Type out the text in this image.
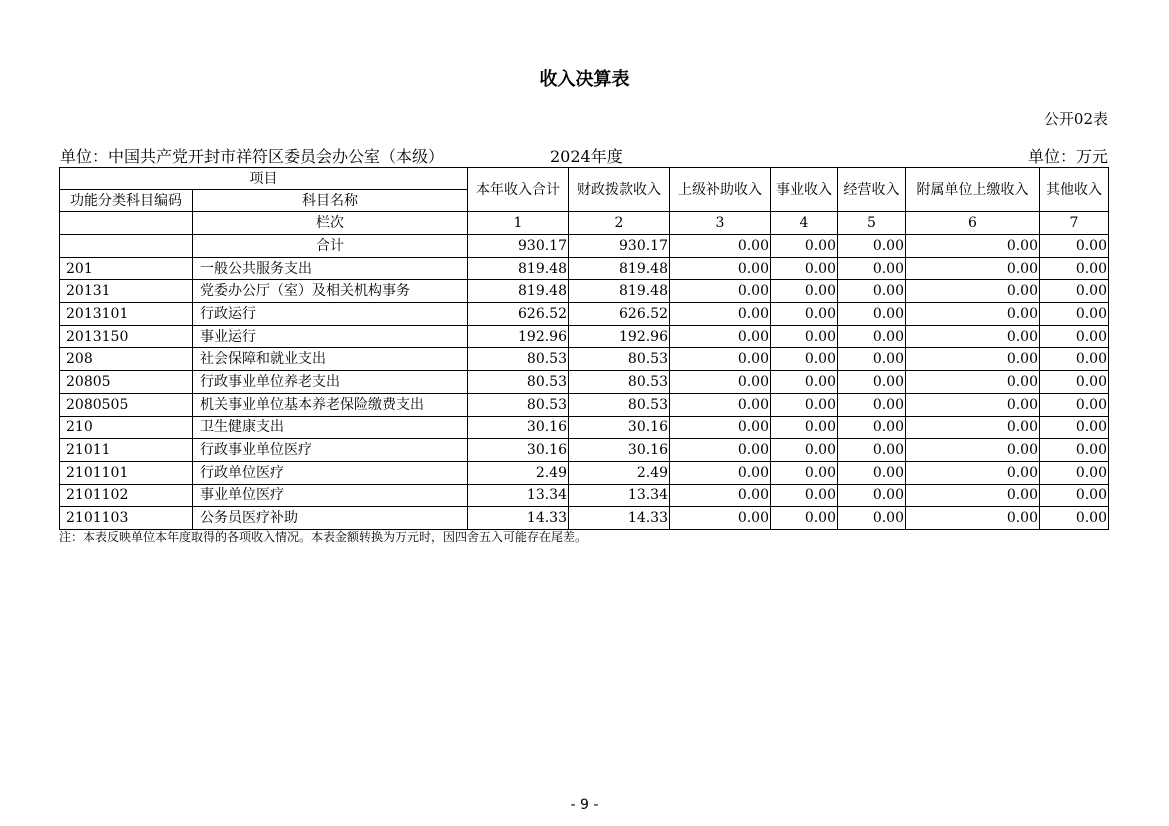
收入决算表
公开02表
单位：中国共产党开封市祥符区委员会办公室（本级）	2024年度	单位：万元
项目		本年收入合计	财政拨款收入	上级补助收入	事业收入	经营收入	附属单位上缴收入	其他收入
功能分类科目编码	科目名称							
	栏次	1	2	3	4	5	6	7
	合计	930.17	930.17	0.00	0.00	0.00	0.00	0.00
201	一般公共服务支出	819.48	819.48	0.00	0.00	0.00	0.00	0.00
20131	党委办公厅（室）及相关机构事务	819.48	819.48	0.00	0.00	0.00	0.00	0.00
2013101	行政运行	626.52	626.52	0.00	0.00	0.00	0.00	0.00
2013150	事业运行	192.96	192.96	0.00	0.00	0.00	0.00	0.00
208	社会保障和就业支出	80.53	80.53	0.00	0.00	0.00	0.00	0.00
20805	行政事业单位养老支出	80.53	80.53	0.00	0.00	0.00	0.00	0.00
2080505	机关事业单位基本养老保险缴费支出	80.53	80.53	0.00	0.00	0.00	0.00	0.00
210	卫生健康支出	30.16	30.16	0.00	0.00	0.00	0.00	0.00
21011	行政事业单位医疗	30.16	30.16	0.00	0.00	0.00	0.00	0.00
2101101	行政单位医疗	2.49	2.49	0.00	0.00	0.00	0.00	0.00
2101102	事业单位医疗	13.34	13.34	0.00	0.00	0.00	0.00	0.00
2101103	公务员医疗补助	14.33	14.33	0.00	0.00	0.00	0.00	0.00
注：本表反映单位本年度取得的各项收入情况。本表金额转换为万元时，因四舍五入可能存在尾差。
- 9 -
